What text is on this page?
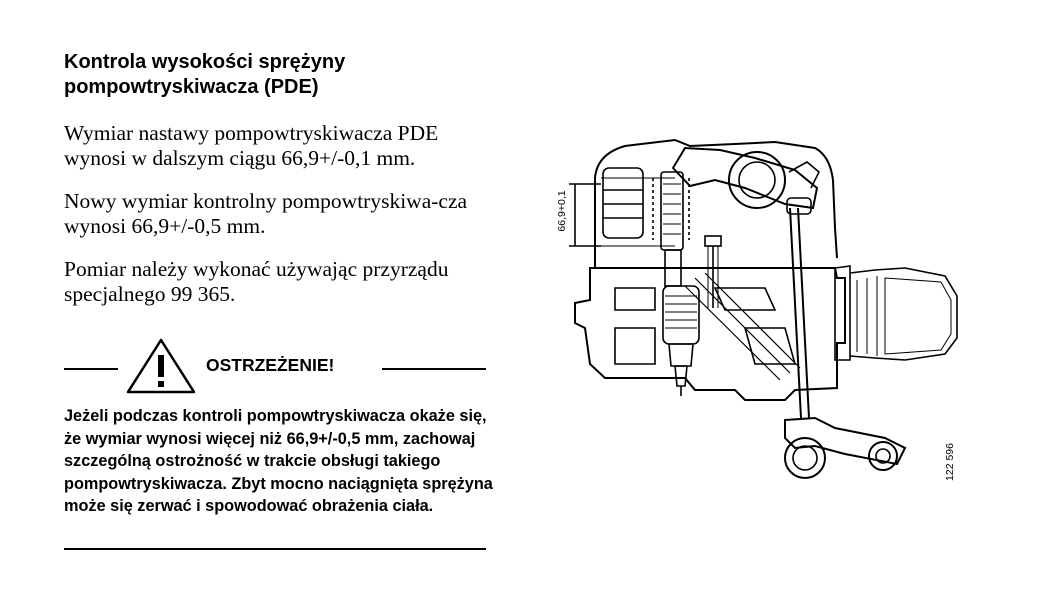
Kontrola wysokości sprężyny pompowtryskiwacza (PDE)

Wymiar nastawy pompowtryskiwacza PDE wynosi w dalszym ciągu 66,9+/-0,1 mm.

Nowy wymiar kontrolny pompowtryskiwa-cza wynosi 66,9+/-0,5 mm.

Pomiar należy wykonać używając przyrządu specjalnego 99 365.

OSTRZEŻENIE!

Jeżeli podczas kontroli pompowtryskiwacza okaże się, że wymiar wynosi więcej niż 66,9+/-0,5 mm, zachowaj szczególną ostrożność w trakcie obsługi takiego pompowtryskiwacza. Zbyt mocno naciągnięta sprężyna może się zerwać i spowodować obrażenia ciała.

66,9+0,1
122 596
